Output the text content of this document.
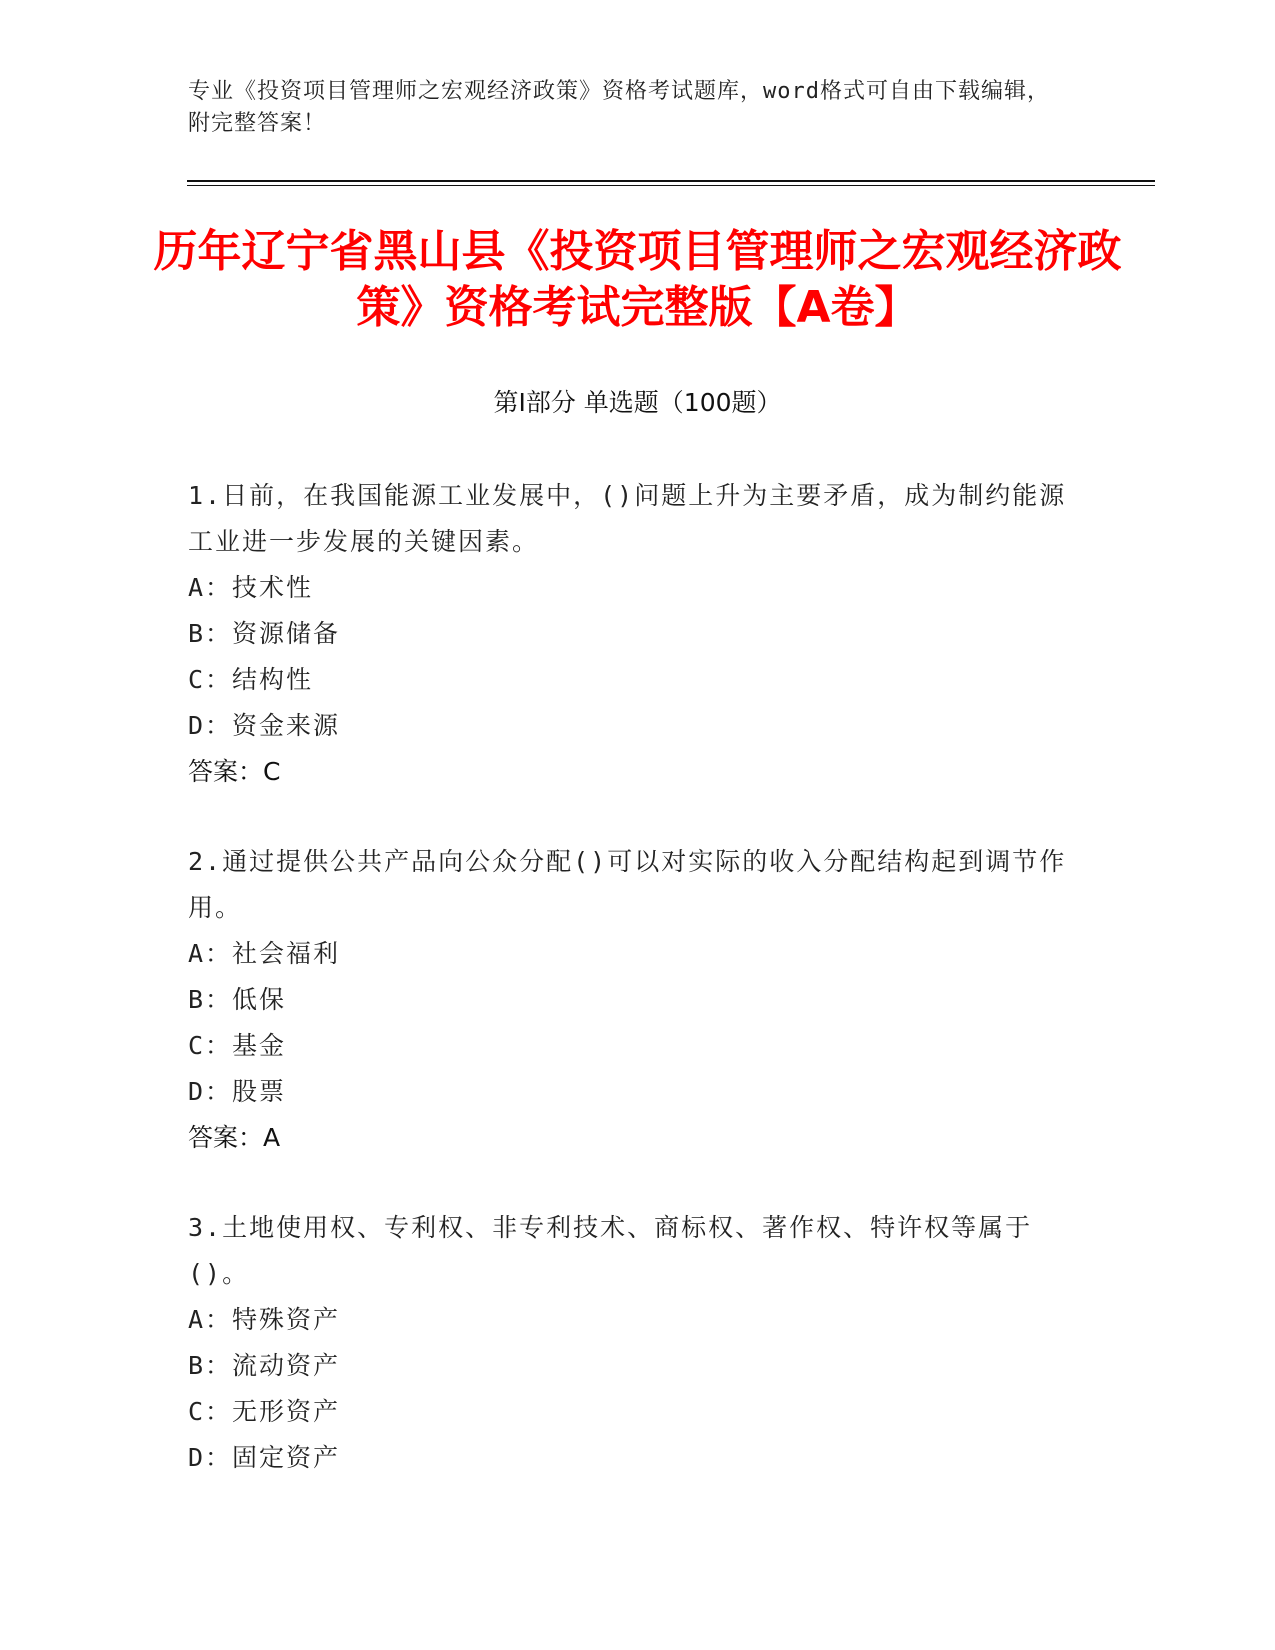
专业《投资项目管理师之宏观经济政策》资格考试题库，word格式可自由下载编辑，附完整答案！
历年辽宁省黑山县《投资项目管理师之宏观经济政策》资格考试完整版【A卷】
第Ⅰ部分 单选题（100题）

1.日前，在我国能源工业发展中，()问题上升为主要矛盾，成为制约能源工业进一步发展的关键因素。

A：技术性

B：资源储备

C：结构性

D：资金来源

答案：C

2.通过提供公共产品向公众分配()可以对实际的收入分配结构起到调节作用。

A：社会福利

B：低保

C：基金

D：股票

答案：A

3.土地使用权、专利权、非专利技术、商标权、著作权、特许权等属于()。

A：特殊资产

B：流动资产

C：无形资产

D：固定资产
